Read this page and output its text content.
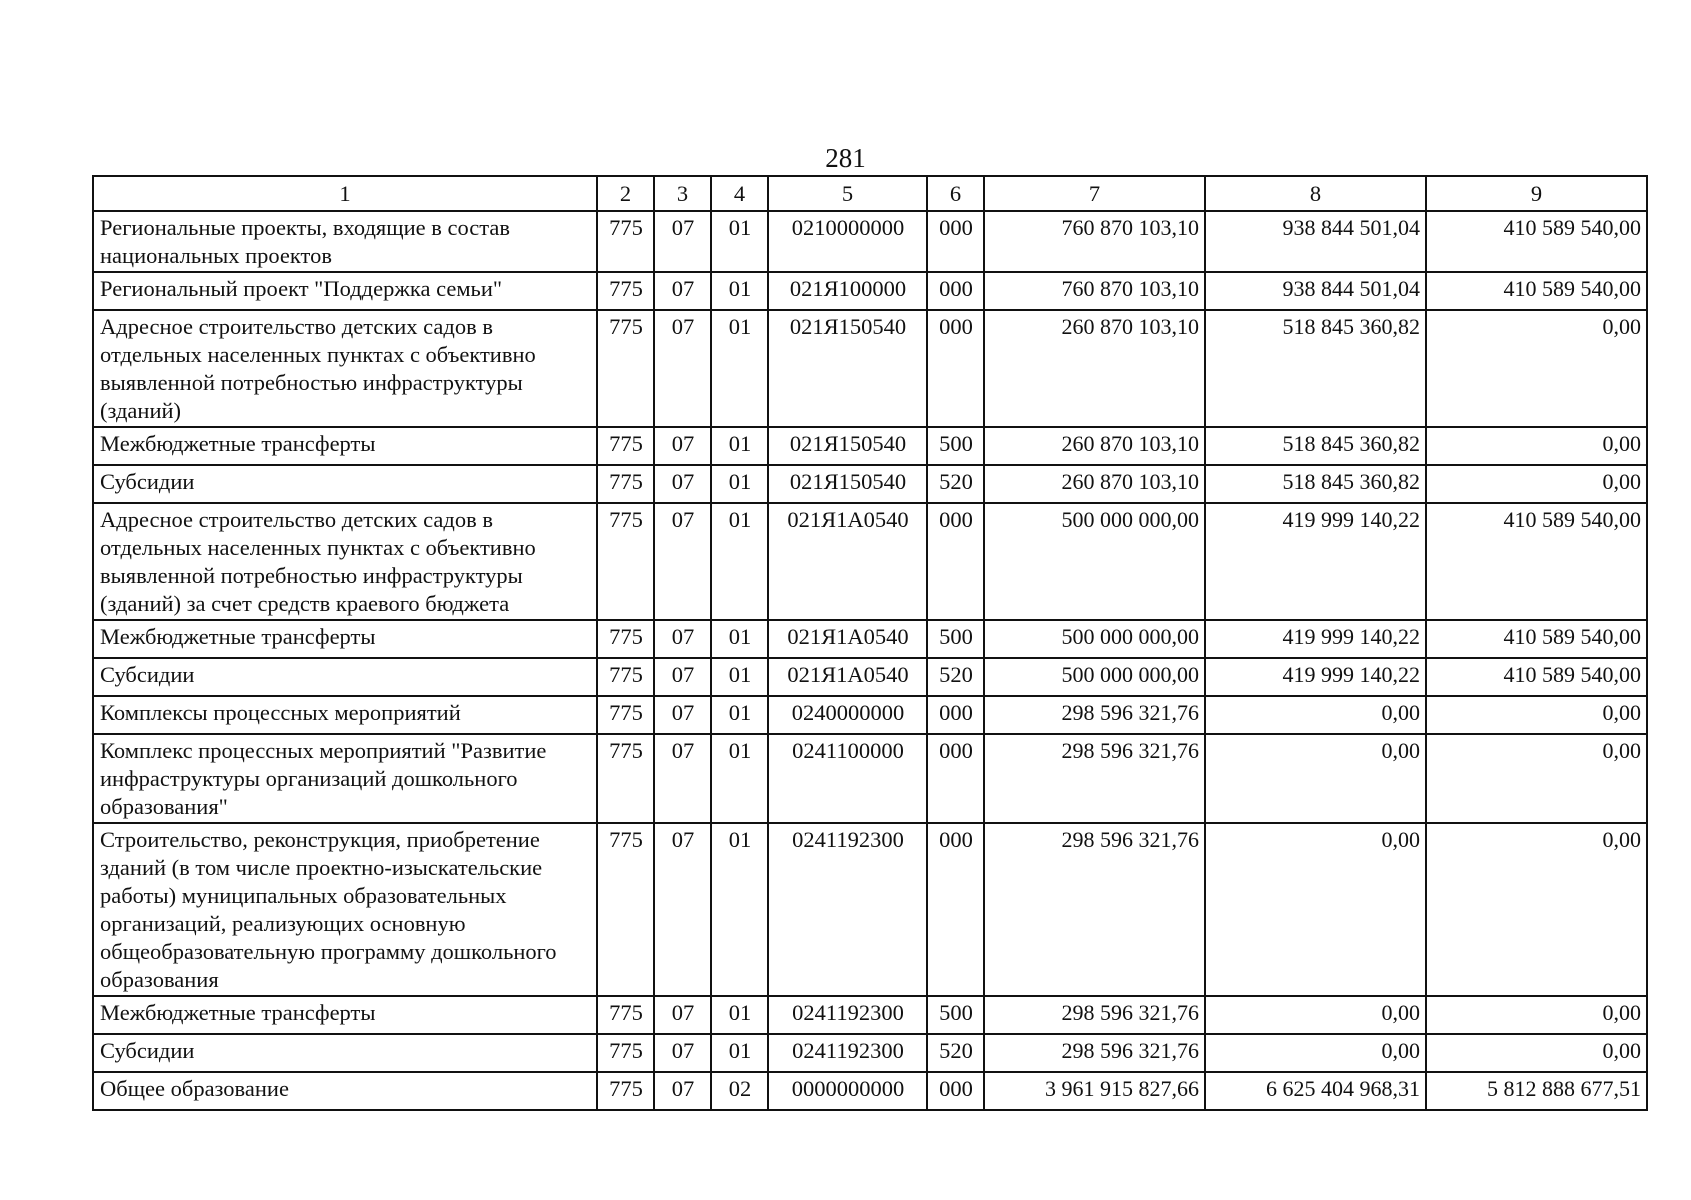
281
1	2	3	4	5	6	7	8	9
Региональные проекты, входящие в состав национальных проектов	775	07	01	0210000000	000	760 870 103,10	938 844 501,04	410 589 540,00
Региональный проект "Поддержка семьи"	775	07	01	021Я100000	000	760 870 103,10	938 844 501,04	410 589 540,00
Адресное строительство детских садов в отдельных населенных пунктах с объективно выявленной потребностью инфраструктуры (зданий)	775	07	01	021Я150540	000	260 870 103,10	518 845 360,82	0,00
Межбюджетные трансферты	775	07	01	021Я150540	500	260 870 103,10	518 845 360,82	0,00
Субсидии	775	07	01	021Я150540	520	260 870 103,10	518 845 360,82	0,00
Адресное строительство детских садов в отдельных населенных пунктах с объективно выявленной потребностью инфраструктуры (зданий) за счет средств краевого бюджета	775	07	01	021Я1А0540	000	500 000 000,00	419 999 140,22	410 589 540,00
Межбюджетные трансферты	775	07	01	021Я1А0540	500	500 000 000,00	419 999 140,22	410 589 540,00
Субсидии	775	07	01	021Я1А0540	520	500 000 000,00	419 999 140,22	410 589 540,00
Комплексы процессных мероприятий	775	07	01	0240000000	000	298 596 321,76	0,00	0,00
Комплекс процессных мероприятий "Развитие инфраструктуры организаций дошкольного образования"	775	07	01	0241100000	000	298 596 321,76	0,00	0,00
Строительство, реконструкция, приобретение зданий (в том числе проектно-изыскательские работы) муниципальных образовательных организаций, реализующих основную общеобразовательную программу дошкольного образования	775	07	01	0241192300	000	298 596 321,76	0,00	0,00
Межбюджетные трансферты	775	07	01	0241192300	500	298 596 321,76	0,00	0,00
Субсидии	775	07	01	0241192300	520	298 596 321,76	0,00	0,00
Общее образование	775	07	02	0000000000	000	3 961 915 827,66	6 625 404 968,31	5 812 888 677,51
